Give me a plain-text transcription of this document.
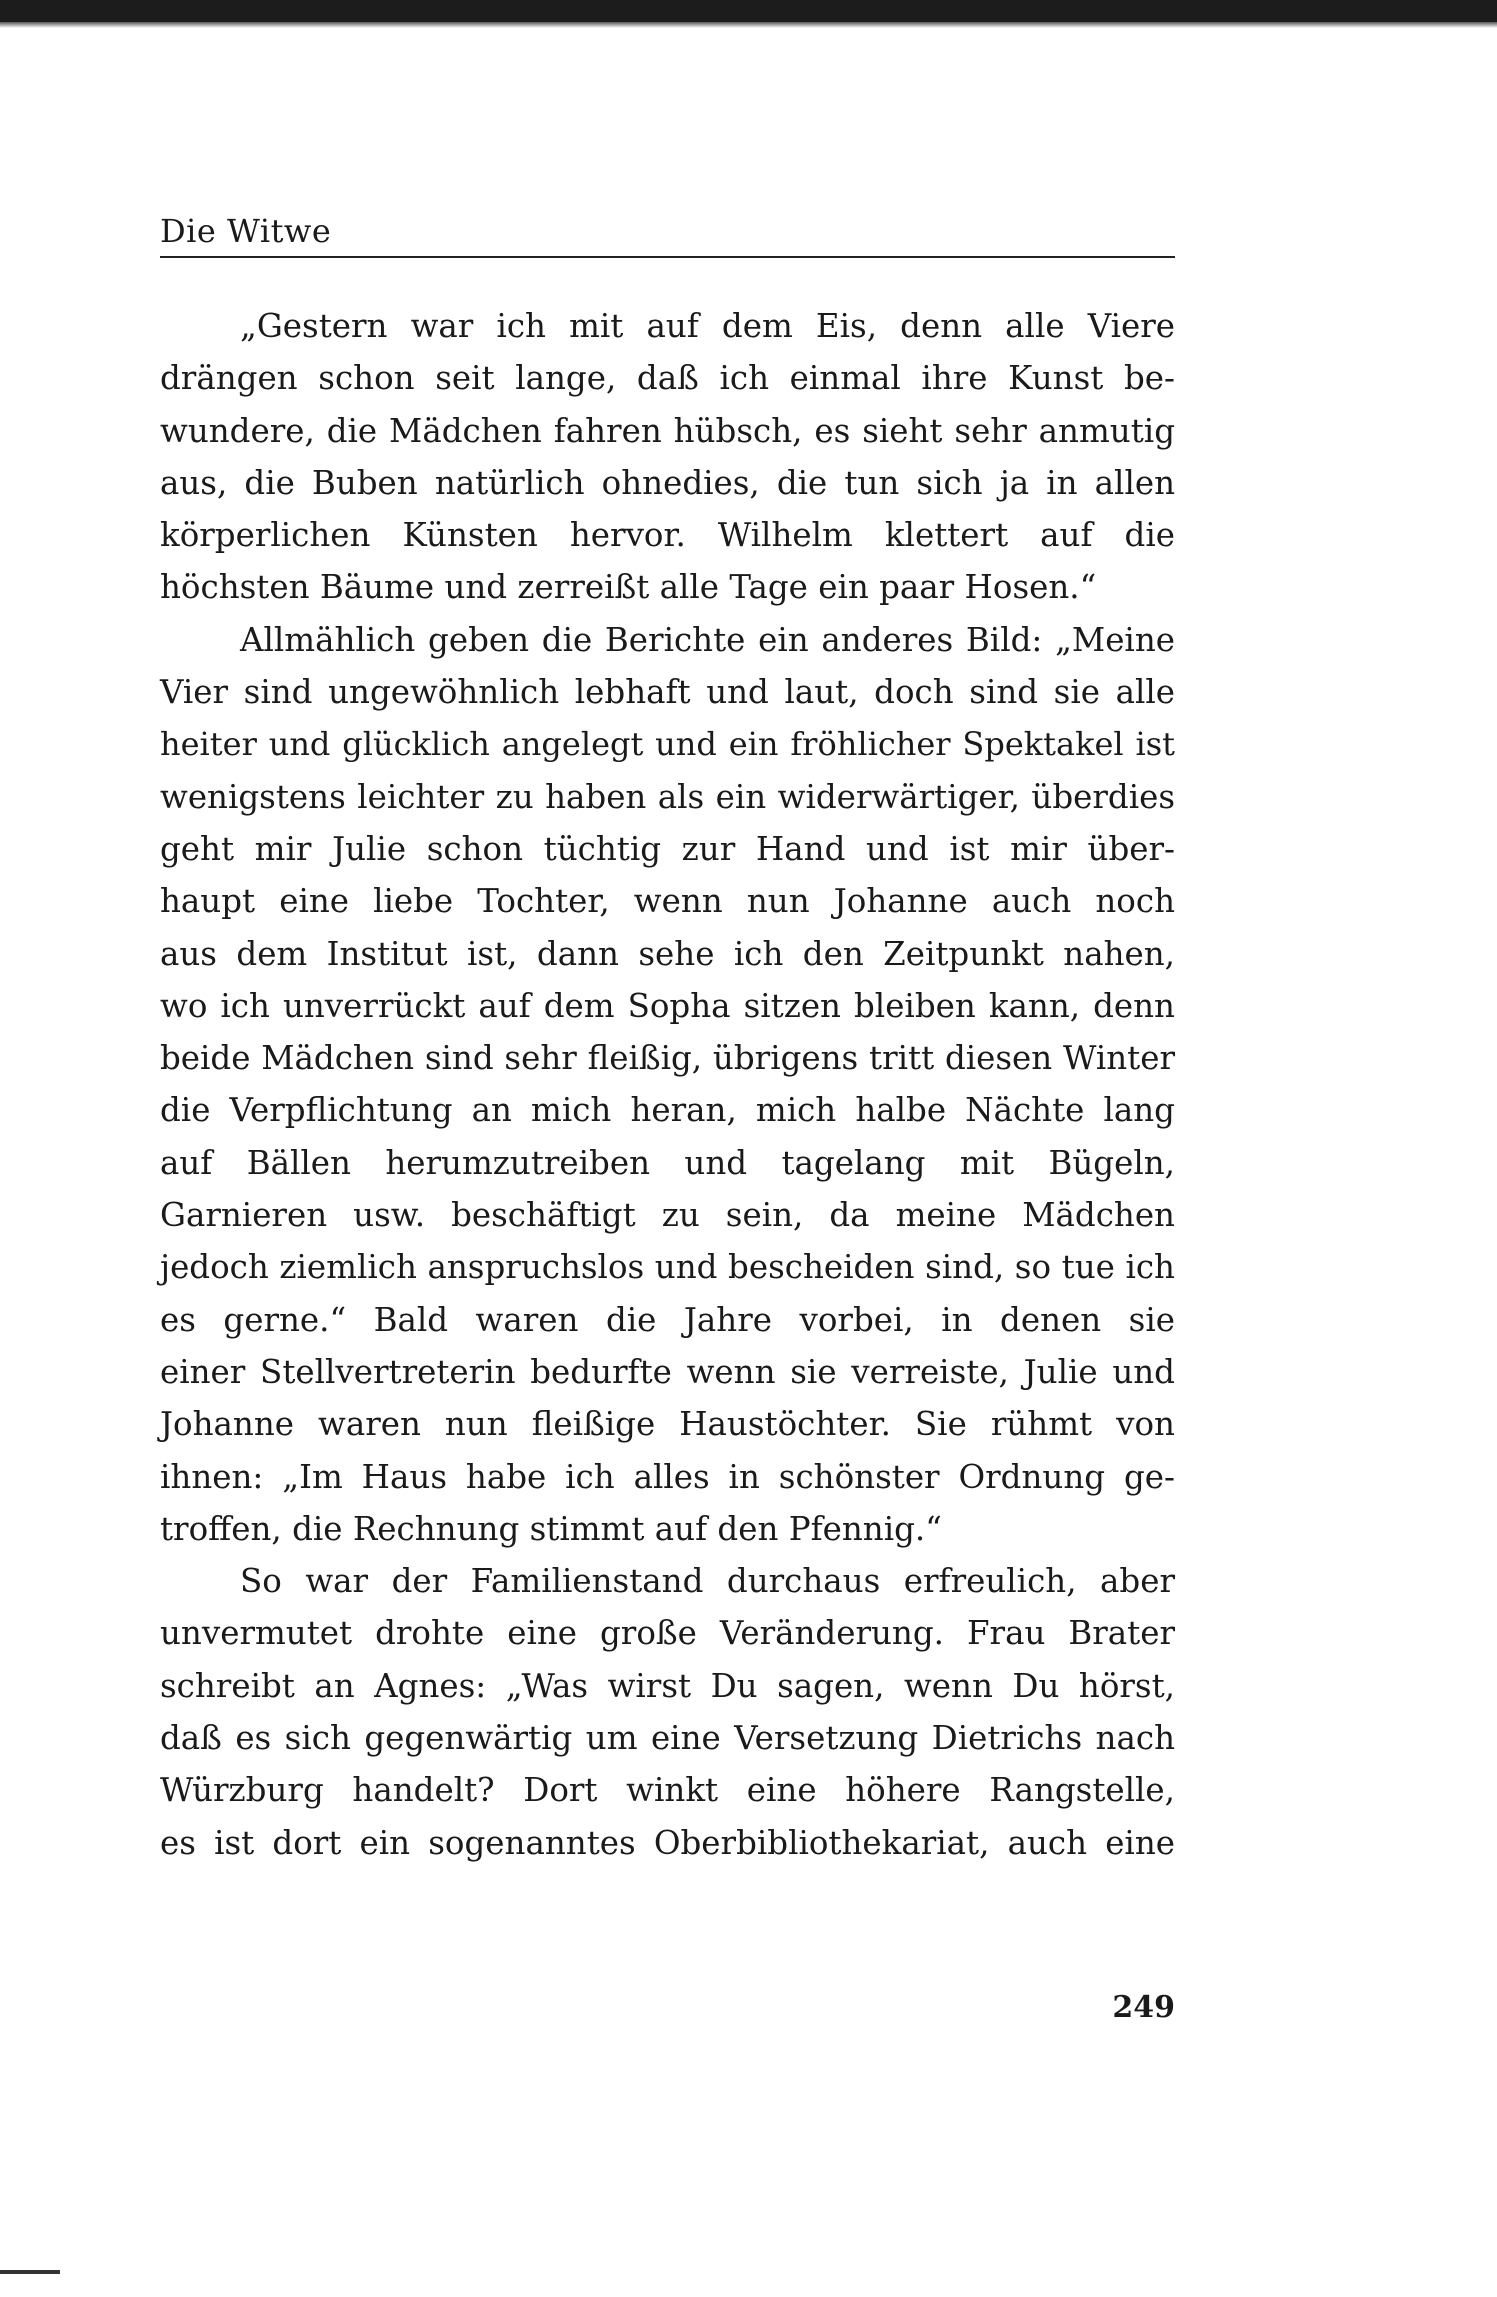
Die Witwe
„Gestern war ich mit auf dem Eis, denn alle Viere
drängen schon seit lange, daß ich einmal ihre Kunst be-
wundere, die Mädchen fahren hübsch, es sieht sehr anmutig
aus, die Buben natürlich ohnedies, die tun sich ja in allen
körperlichen Künsten hervor. Wilhelm klettert auf die
höchsten Bäume und zerreißt alle Tage ein paar Hosen.“
Allmählich geben die Berichte ein anderes Bild: „Meine
Vier sind ungewöhnlich lebhaft und laut, doch sind sie alle
heiter und glücklich angelegt und ein fröhlicher Spektakel ist
wenigstens leichter zu haben als ein widerwärtiger, überdies
geht mir Julie schon tüchtig zur Hand und ist mir über-
haupt eine liebe Tochter, wenn nun Johanne auch noch
aus dem Institut ist, dann sehe ich den Zeitpunkt nahen,
wo ich unverrückt auf dem Sopha sitzen bleiben kann, denn
beide Mädchen sind sehr fleißig, übrigens tritt diesen Winter
die Verpflichtung an mich heran, mich halbe Nächte lang
auf Bällen herumzutreiben und tagelang mit Bügeln,
Garnieren usw. beschäftigt zu sein, da meine Mädchen
jedoch ziemlich anspruchslos und bescheiden sind, so tue ich
es gerne.“ Bald waren die Jahre vorbei, in denen sie
einer Stellvertreterin bedurfte wenn sie verreiste, Julie und
Johanne waren nun fleißige Haustöchter. Sie rühmt von
ihnen: „Im Haus habe ich alles in schönster Ordnung ge-
troffen, die Rechnung stimmt auf den Pfennig.“
So war der Familienstand durchaus erfreulich, aber
unvermutet drohte eine große Veränderung. Frau Brater
schreibt an Agnes: „Was wirst Du sagen, wenn Du hörst,
daß es sich gegenwärtig um eine Versetzung Dietrichs nach
Würzburg handelt? Dort winkt eine höhere Rangstelle,
es ist dort ein sogenanntes Oberbibliothekariat, auch eine
249
